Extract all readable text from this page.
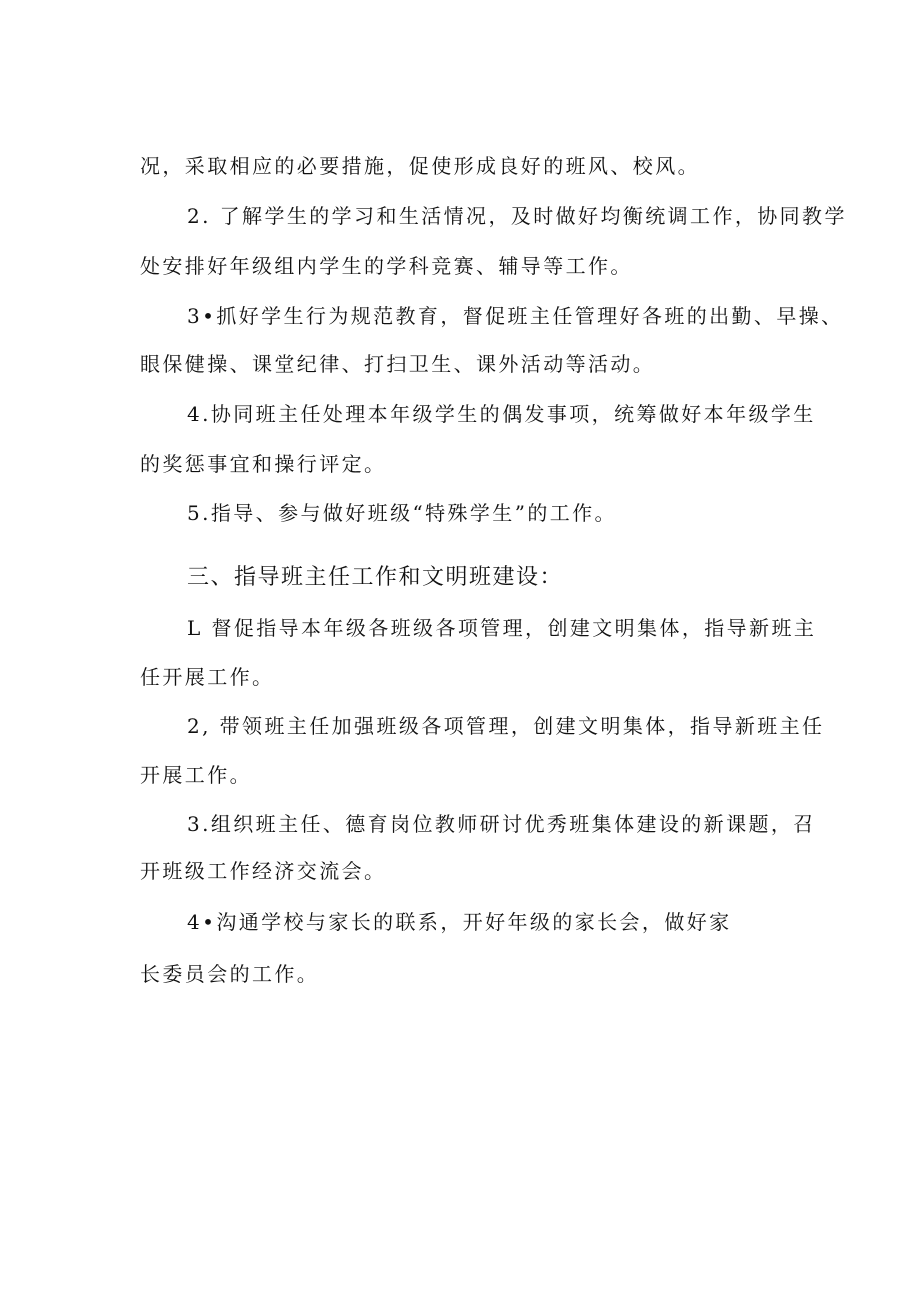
况，采取相应的必要措施，促使形成良好的班风、校风。
2. 了解学生的学习和生活情况，及时做好均衡统调工作，协同教学
处安排好年级组内学生的学科竞赛、辅导等工作。
3•抓好学生行为规范教育，督促班主任管理好各班的出勤、早操、
眼保健操、课堂纪律、打扫卫生、课外活动等活动。
4.协同班主任处理本年级学生的偶发事项，统筹做好本年级学生
的奖惩事宜和操行评定。
5.指导、参与做好班级“特殊学生”的工作。
三、指导班主任工作和文明班建设：
L 督促指导本年级各班级各项管理，创建文明集体，指导新班主
任开展工作。
2, 带领班主任加强班级各项管理，创建文明集体，指导新班主任
开展工作。
3.组织班主任、德育岗位教师研讨优秀班集体建设的新课题，召
开班级工作经济交流会。
4•沟通学校与家长的联系，开好年级的家长会，做好家
长委员会的工作。
